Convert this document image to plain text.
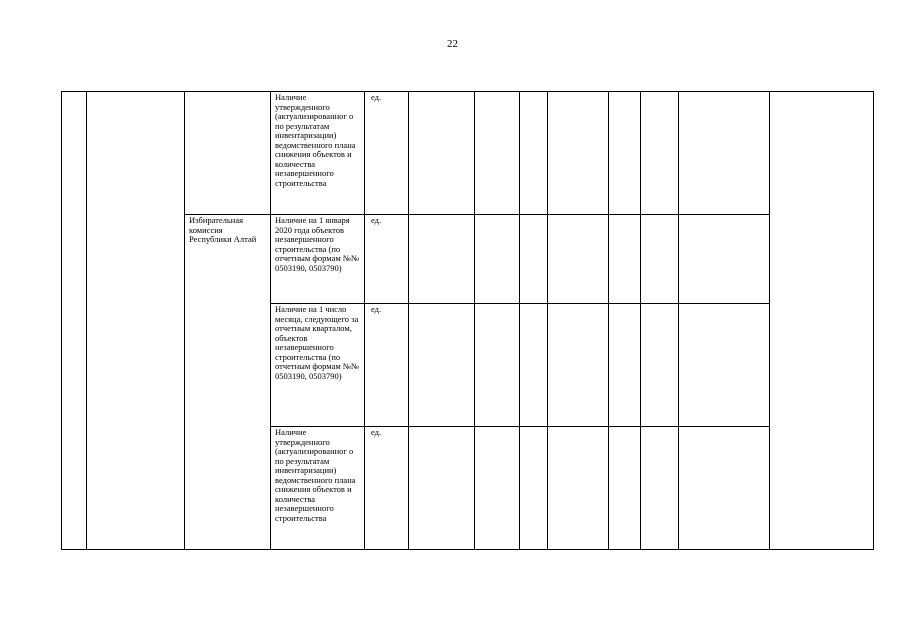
22
			Наличие утвержденного (актуализированног о по результатам инвентаризации) ведомственного плана снижения объектов и количества незавершенного строительства	ед.								
		Избирательная комиссия Республики Алтай	Наличие на 1 января 2020 года объектов незавершенного строительства (по отчетным формам №№ 0503190, 0503790)	ед.								
			Наличие на 1 число месяца, следующего за отчетным кварталом, объектов незавершенного строительства (по отчетным формам №№ 0503190, 0503790)	ед.								
			Наличие утвержденного (актуализированног о по результатам инвентаризации) ведомственного плана снижения объектов и количества незавершенного строительства	ед.								
